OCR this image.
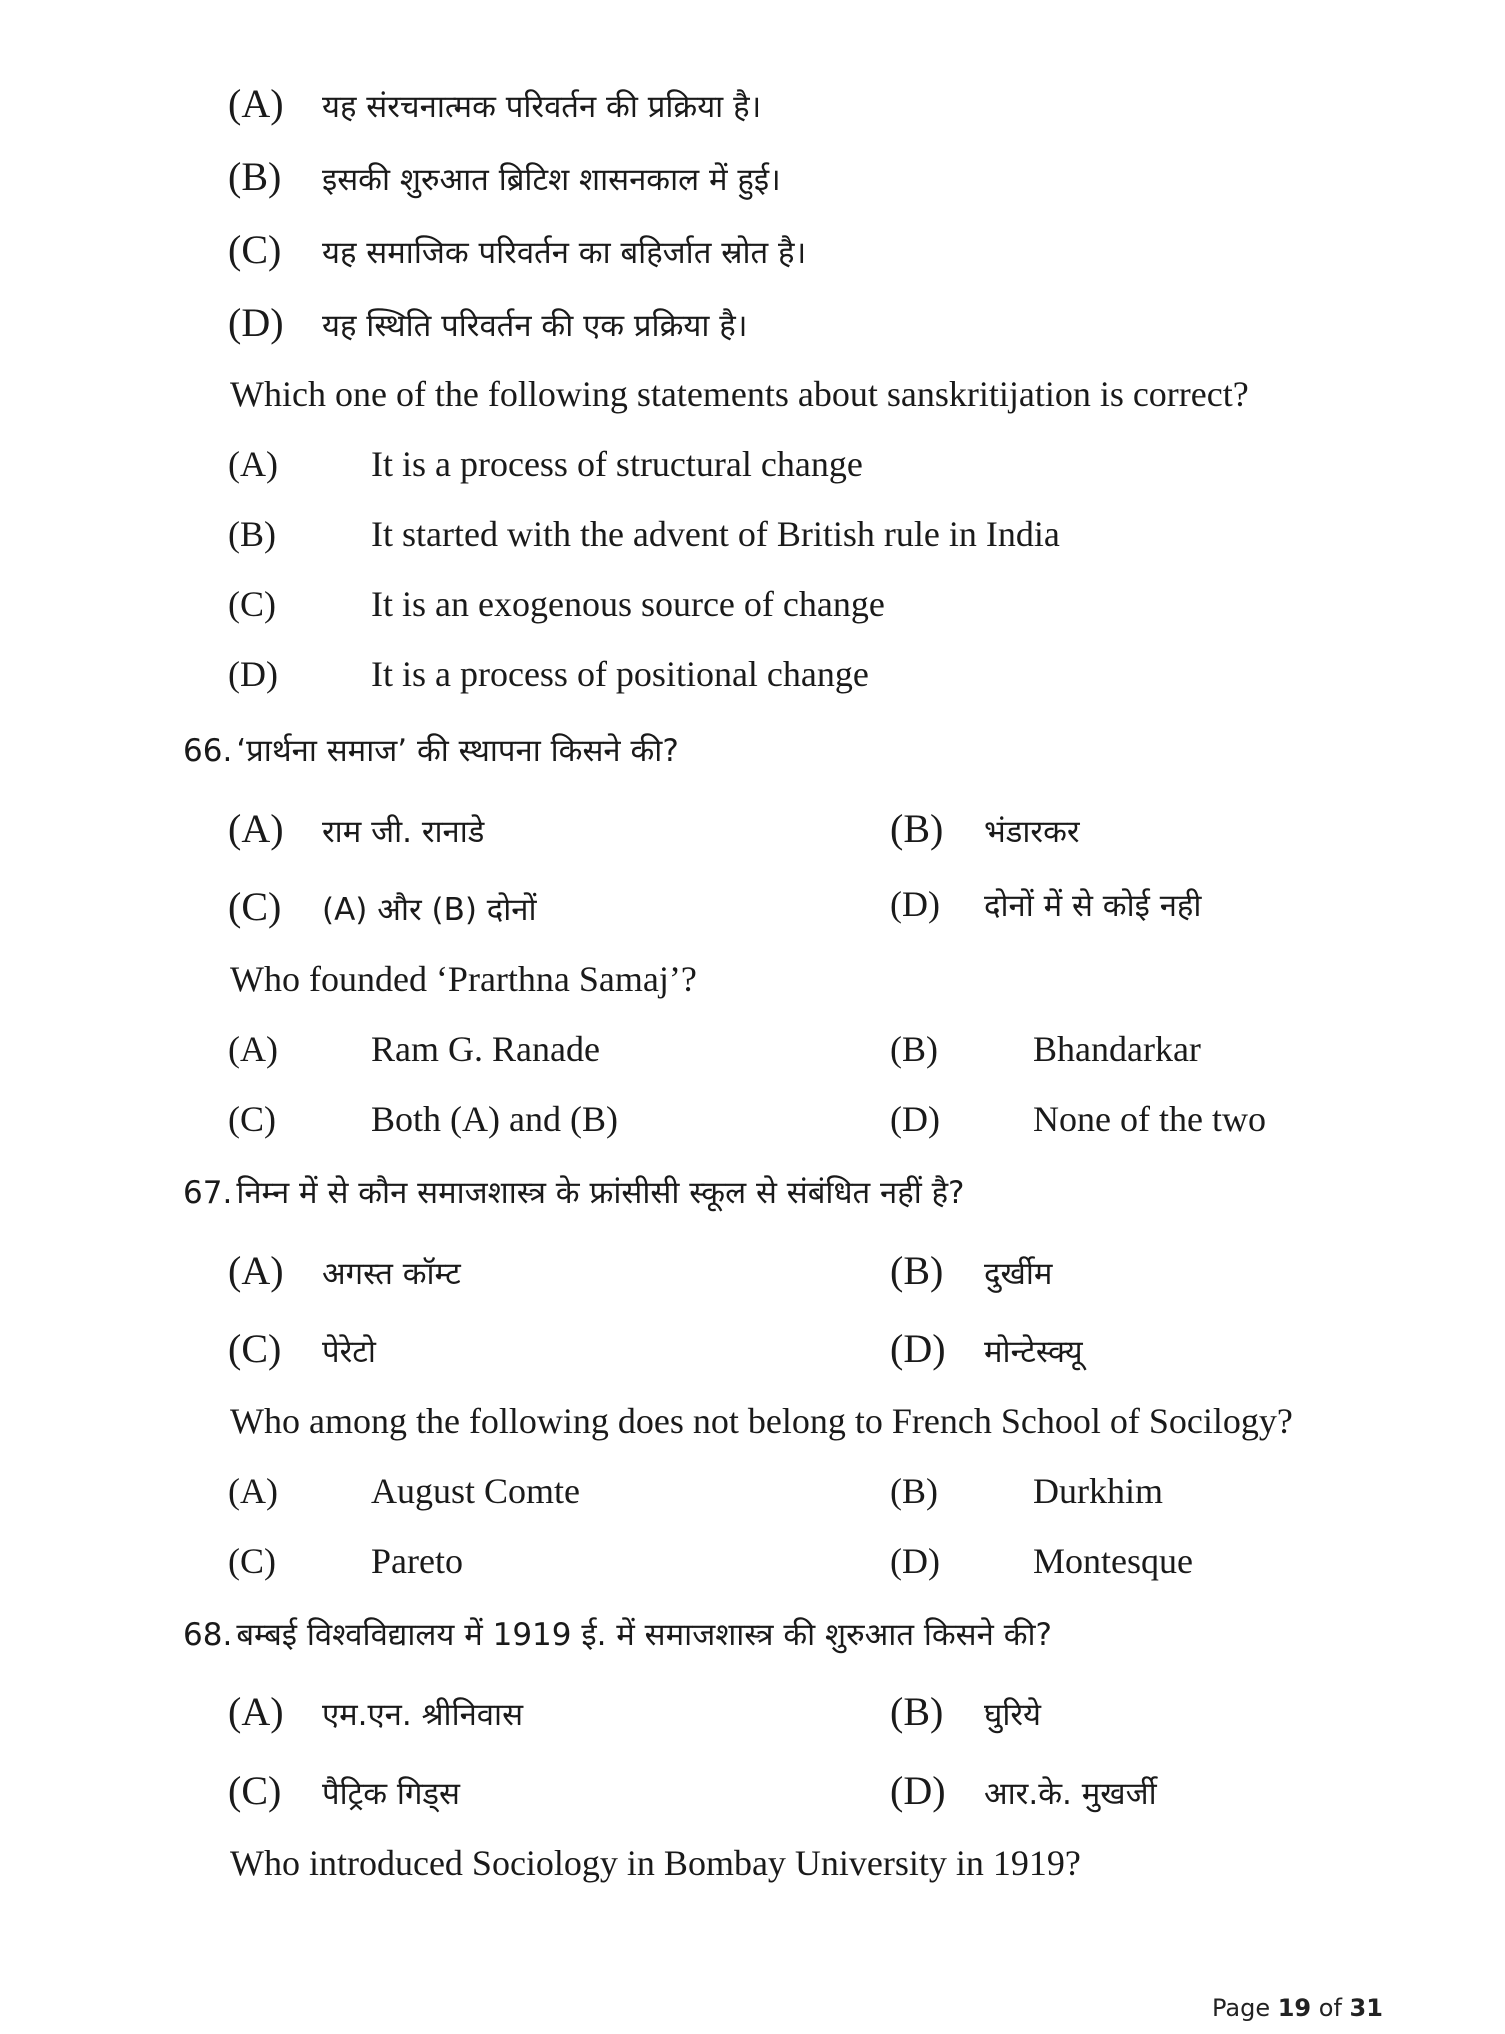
(A) यह संरचनात्मक परिवर्तन की प्रक्रिया है।
(B) इसकी शुरुआत ब्रिटिश शासनकाल में हुई।
(C) यह समाजिक परिवर्तन का बहिर्जात स्रोत है।
(D) यह स्थिति परिवर्तन की एक प्रक्रिया है।
Which one of the following statements about sanskritijation is correct?
(A)	It is a process of structural change
(B)	It started with the advent of British rule in India
(C)	It is an exogenous source of change
(D)	It is a process of positional change
66. ‘प्रार्थना समाज’ की स्थापना किसने की?
(A) राम जी. रानाडे	(B) भंडारकर
(C) (A) और (B) दोनों	(D) दोनों में से कोई नही
Who founded ‘Prarthna Samaj’?
(A)	Ram G. Ranade	(B)	Bhandarkar
(C)	Both (A) and (B)	(D)	None of the two
67. निम्न में से कौन समाजशास्त्र के फ्रांसीसी स्कूल से संबंधित नहीं है?
(A) अगस्त कॉम्ट	(B) दुर्खीम
(C) पेरेटो	(D) मोन्टेस्क्यू
Who among the following does not belong to French School of Socilogy?
(A)	August Comte	(B)	Durkhim
(C)	Pareto	(D)	Montesque
68. बम्बई विश्वविद्यालय में 1919 ई. में समाजशास्त्र की शुरुआत किसने की?
(A) एम.एन. श्रीनिवास	(B) घुरिये
(C) पैट्रिक गिड्स	(D) आर.के. मुखर्जी
Who introduced Sociology in Bombay University in 1919?
Page 19 of 31
